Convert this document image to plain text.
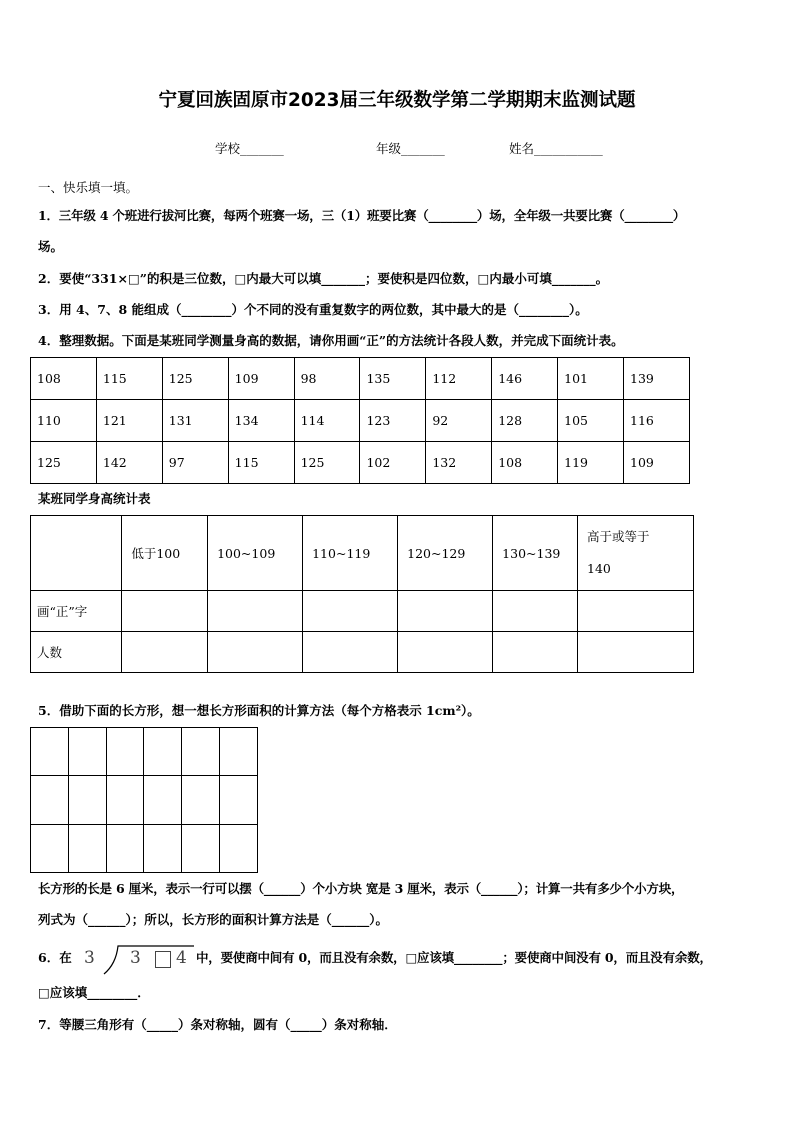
宁夏回族固原市2023届三年级数学第二学期期末监测试题
学校_______	年级_______	姓名___________
一、快乐填一填。
1．三年级 4 个班进行拔河比赛，每两个班赛一场，三（1）班要比赛（________）场，全年级一共要比赛（________）
场。
2．要使“331×□”的积是三位数，□内最大可以填_______；要使积是四位数，□内最小可填_______。
3．用 4、7、8 能组成（________）个不同的没有重复数字的两位数，其中最大的是（________）。
4．整理数据。下面是某班同学测量身高的数据，请你用画“正”的方法统计各段人数，并完成下面统计表。
108	115	125	109	98	135	112	146	101	139
110	121	131	134	114	123	92	128	105	116
125	142	97	115	125	102	132	108	119	109
某班同学身高统计表
	低于100	100~109	110~119	120~129	130~139	高于或等于140
画“正”字						
人数						
5．借助下面的长方形，想一想长方形面积的计算方法（每个方格表示 1cm²）。

长方形的长是 6 厘米，表示一行可以摆（______）个小方块 宽是 3 厘米，表示（______）；计算一共有多少个小方块，
列式为（______）；所以，长方形的面积计算方法是（______）。
6．在 3 3 4 中，要使商中间有 0，而且没有余数，□应该填________；要使商中间没有 0，而且没有余数，
□应该填________．
7．等腰三角形有（_____）条对称轴，圆有（_____）条对称轴．
